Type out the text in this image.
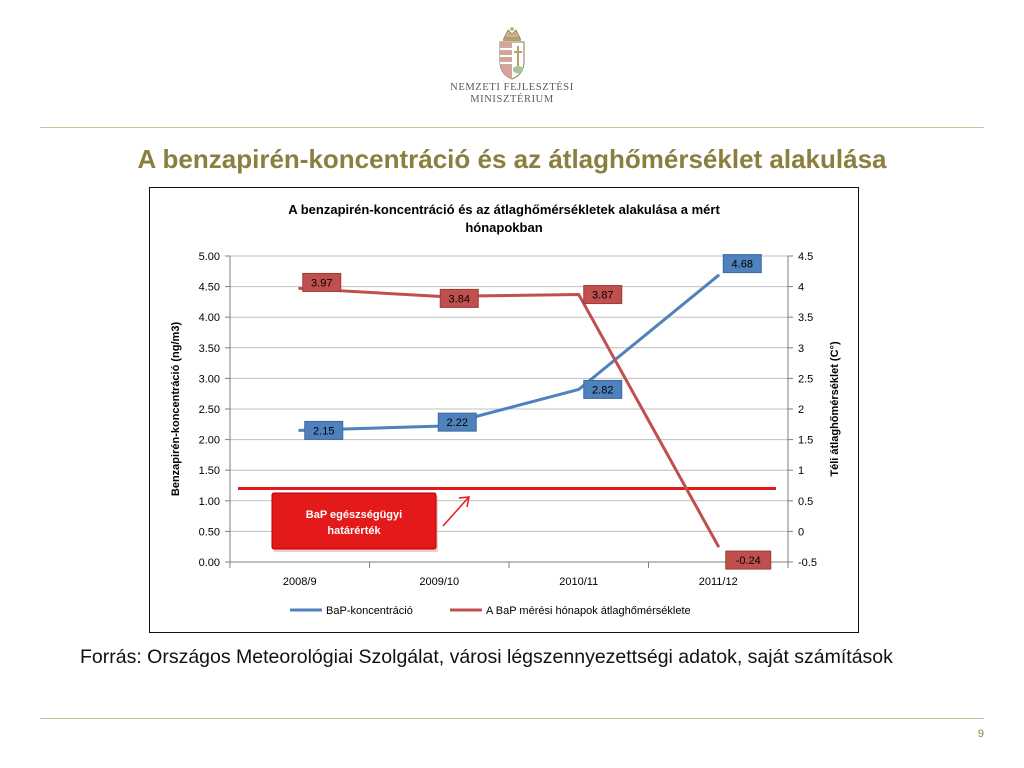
NEMZETI FEJLESZTÉSI
MINISZTÉRIUM
A benzapirén-koncentráció és az átlaghőmérséklet alakulása
A benzapirén-koncentráció és az átlaghőmérsékletek alakulása a mért
hónapokban
0.00
0.50
1.00
1.50
2.00
2.50
3.00
3.50
4.00
4.50
5.00
-0.5
0
0.5
1
1.5
2
2.5
3
3.5
4
4.5
2008/9	2009/10	2010/11	2011/12
Benzapirén-koncentráció (ng/m3)	Téli átlaghőmérséklet (C°)
BaP egészségügyi
határérték
2.15
2.22
2.82
4.68
3.97
3.84	3.87
-0.24
BaP-koncentráció	A BaP mérési hónapok átlaghőmérséklete
Forrás: Országos Meteorológiai Szolgálat, városi légszennyezettségi adatok, saját számítások
9
